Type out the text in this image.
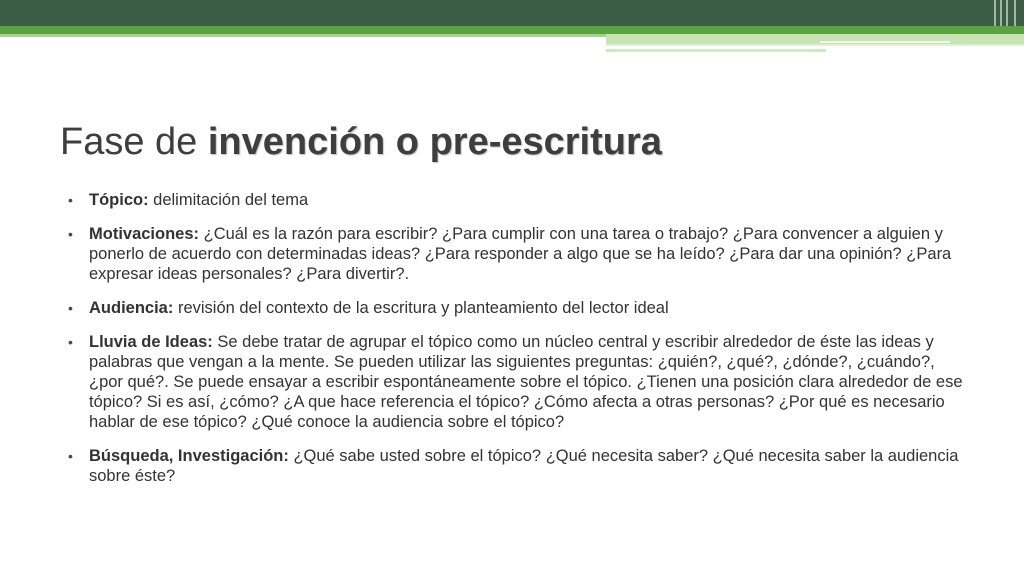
Fase de invención o pre-escritura
• Tópico: delimitación del tema
• Motivaciones: ¿Cuál es la razón para escribir? ¿Para cumplir con una tarea o trabajo? ¿Para convencer a alguien y ponerlo de acuerdo con determinadas ideas? ¿Para responder a algo que se ha leído? ¿Para dar una opinión? ¿Para expresar ideas personales? ¿Para divertir?.
• Audiencia: revisión del contexto de la escritura y planteamiento del lector ideal
• Lluvia de Ideas: Se debe tratar de agrupar el tópico como un núcleo central y escribir alrededor de éste las ideas y palabras que vengan a la mente. Se pueden utilizar las siguientes preguntas: ¿quién?, ¿qué?, ¿dónde?, ¿cuándo?, ¿por qué?. Se puede ensayar a escribir espontáneamente sobre el tópico. ¿Tienen una posición clara alrededor de ese tópico? Si es así, ¿cómo? ¿A que hace referencia el tópico? ¿Cómo afecta a otras personas? ¿Por qué es necesario hablar de ese tópico? ¿Qué conoce la audiencia sobre el tópico?
• Búsqueda, Investigación: ¿Qué sabe usted sobre el tópico? ¿Qué necesita saber? ¿Qué necesita saber la audiencia sobre éste?
